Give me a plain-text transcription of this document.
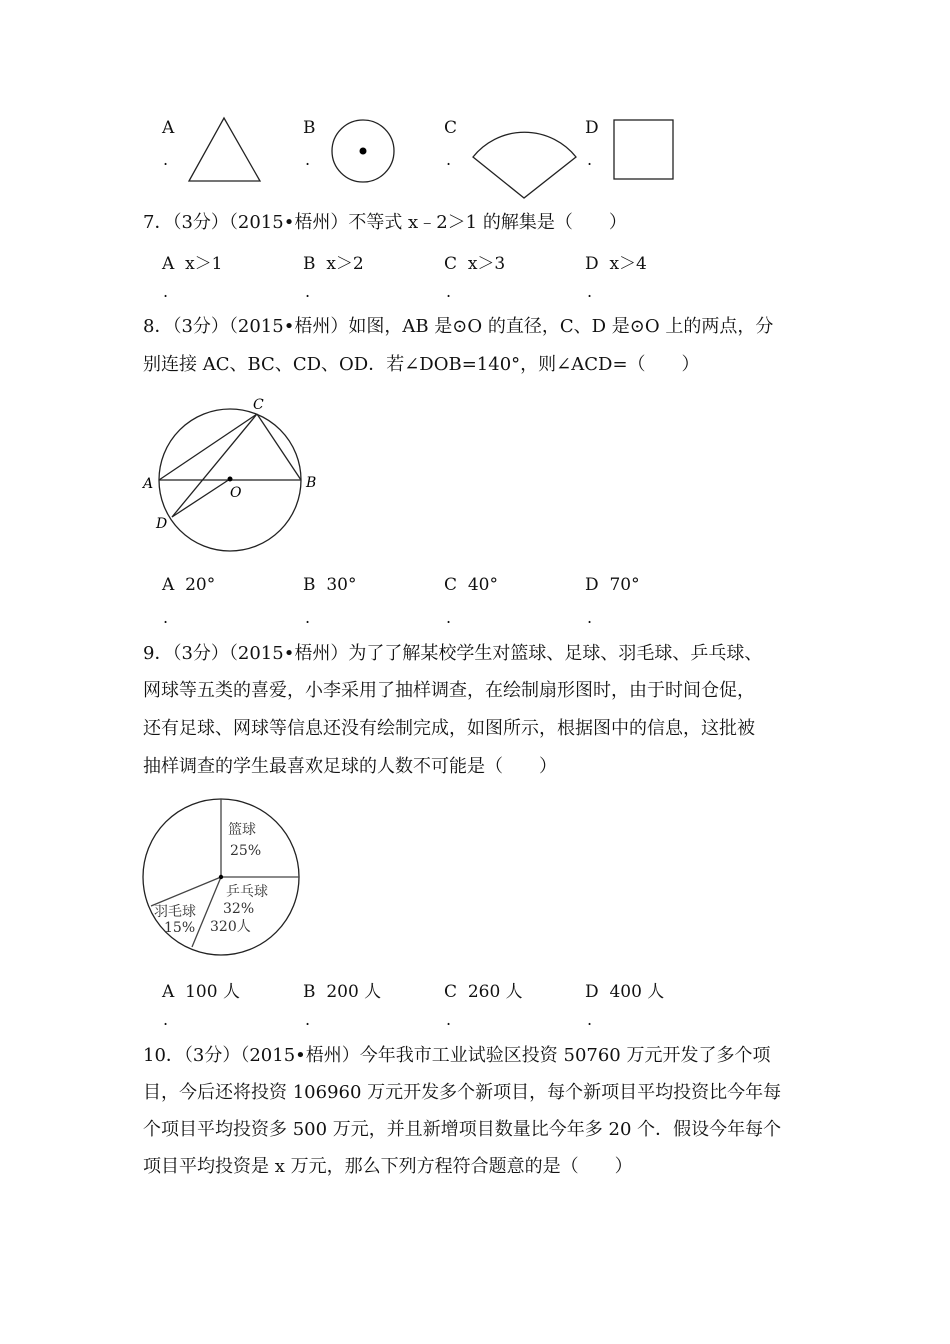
A
.
B
.
C
.
D
.
7．（3分）（2015•梧州）不等式 x﹣2＞1 的解集是（　　）
A x＞1	B x＞2	C x＞3	D x＞4
.	.	.	.
8．（3分）（2015•梧州）如图，AB 是⊙O 的直径，C、D 是⊙O 上的两点，分
别连接 AC、BC、CD、OD．若∠DOB=140°，则∠ACD=（　　）
C
A	B
O
D
A 20°	B 30°	C 40°	D 70°
.	.	.	.
9．（3分）（2015•梧州）为了了解某校学生对篮球、足球、羽毛球、乒乓球、
网球等五类的喜爱，小李采用了抽样调查，在绘制扇形图时，由于时间仓促，
还有足球、网球等信息还没有绘制完成，如图所示，根据图中的信息，这批被
抽样调查的学生最喜欢足球的人数不可能是（　　）
篮球
25%
乒乓球
32%
320人
羽毛球
15%
A 100 人	B 200 人	C 260 人	D 400 人
.	.	.	.
10．（3分）（2015•梧州）今年我市工业试验区投资 50760 万元开发了多个项
目，今后还将投资 106960 万元开发多个新项目，每个新项目平均投资比今年每
个项目平均投资多 500 万元，并且新增项目数量比今年多 20 个．假设今年每个
项目平均投资是 x 万元，那么下列方程符合题意的是（　　）
